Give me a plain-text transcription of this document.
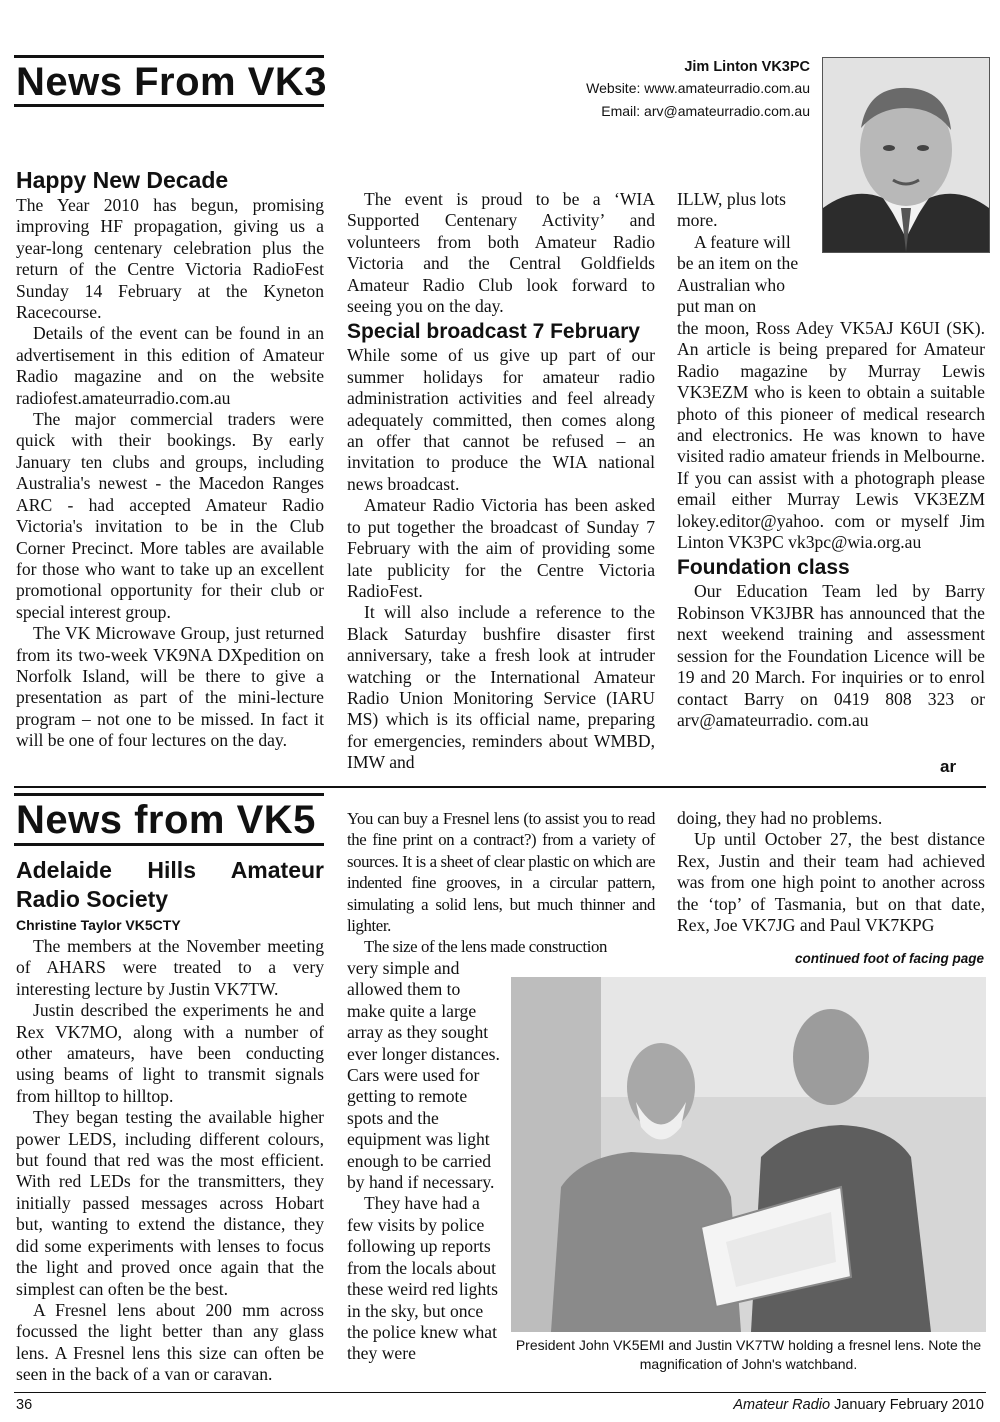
News From VK3	Jim Linton VK3PC
Website: www.amateurradio.com.au
Email: arv@amateurradio.com.au
Happy New Decade

The Year 2010 has begun, promising improving HF propagation, giving us a year-long centenary celebration plus the return of the Centre Victoria RadioFest Sunday 14 February at the Kyneton Racecourse.

Details of the event can be found in an advertisement in this edition of Amateur Radio magazine and on the website radiofest.amateurradio.com.au

The major commercial traders were quick with their bookings. By early January ten clubs and groups, including Australia's newest - the Macedon Ranges ARC - had accepted Amateur Radio Victoria's invitation to be in the Club Corner Precinct. More tables are available for those who want to take up an excellent promotional opportunity for their club or special interest group.

The VK Microwave Group, just returned from its two-week VK9NA DXpedition on Norfolk Island, will be there to give a presentation as part of the mini-lecture program – not one to be missed. In fact it will be one of four lectures on the day.

The event is proud to be a ‘WIA Supported Centenary Activity’ and volunteers from both Amateur Radio Victoria and the Central Goldfields Amateur Radio Club look forward to seeing you on the day.

Special broadcast 7 February

While some of us give up part of our summer holidays for amateur radio administration activities and feel already adequately committed, then comes along an offer that cannot be refused – an invitation to produce the WIA national news broadcast.

Amateur Radio Victoria has been asked to put together the broadcast of Sunday 7 February with the aim of providing some late publicity for the Centre Victoria RadioFest.

It will also include a reference to the Black Saturday bushfire disaster first anniversary, take a fresh look at intruder watching or the International Amateur Radio Union Monitoring Service (IARU MS) which is its official name, preparing for emergencies, reminders about WMBD, IMW and

ILLW, plus lots more.

A feature will be an item on the Australian who put man on

the moon, Ross Adey VK5AJ K6UI (SK). An article is being prepared for Amateur Radio magazine by Murray Lewis VK3EZM who is keen to obtain a suitable photo of this pioneer of medical research and electronics. He was known to have visited radio amateur friends in Melbourne. If you can assist with a photograph please email either Murray Lewis VK3EZM lokey.editor@yahoo. com or myself Jim Linton VK3PC vk3pc@wia.org.au

Foundation class

Our Education Team led by Barry Robinson VK3JBR has announced that the next weekend training and assessment session for the Foundation Licence will be 19 and 20 March. For inquiries or to enrol contact Barry on 0419 808 323 or arv@amateurradio. com.au

ar
News from VK5
Adelaide Hills Amateur Radio Society
Christine Taylor VK5CTY

The members at the November meeting of AHARS were treated to a very interesting lecture by Justin VK7TW.

Justin described the experiments he and Rex VK7MO, along with a number of other amateurs, have been conducting using beams of light to transmit signals from hilltop to hilltop.

They began testing the available higher power LEDS, including different colours, but found that red was the most efficient. With red LEDs for the transmitters, they initially passed messages across Hobart but, wanting to extend the distance, they did some experiments with lenses to focus the light and proved once again that the simplest can often be the best.

A Fresnel lens about 200 mm across focussed the light better than any glass lens. A Fresnel lens this size can often be seen in the back of a van or caravan.

You can buy a Fresnel lens (to assist you to read the fine print on a contract?) from a variety of sources. It is a sheet of clear plastic on which are indented fine grooves, in a circular pattern, simulating a solid lens, but much thinner and lighter.

The size of the lens made construction

very simple and allowed them to make quite a large array as they sought ever longer distances. Cars were used for getting to remote spots and the equipment was light enough to be carried by hand if necessary.

They have had a few visits by police following up reports from the locals about these weird red lights in the sky, but once the police knew what they were

doing, they had no problems.

Up until October 27, the best distance Rex, Justin and their team had achieved was from one high point to another across the ‘top’ of Tasmania, but on that date, Rex, Joe VK7JG and Paul VK7KPG

continued foot of facing page
President John VK5EMI and Justin VK7TW holding a fresnel lens. Note the magnification of John's watchband.
36	Amateur Radio January February 2010
